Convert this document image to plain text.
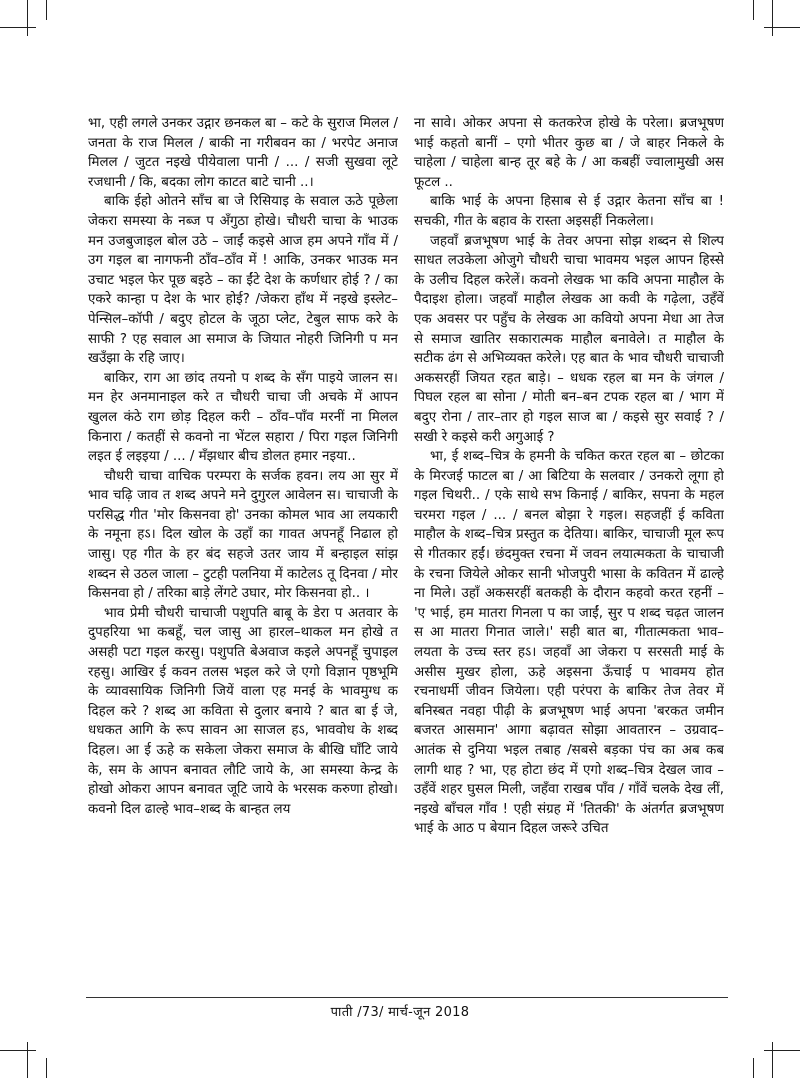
भा, एही लगले उनकर उद्गार छनकल बा – कटे के सुराज मिलल / जनता के राज मिलल / बाकी ना गरीबवन का / भरपेट अनाज मिलल / जुटत नइखे पीयेवाला पानी / ... / सजी सुखवा लूटे रजधानी / कि, बदका लोग काटत बाटे चानी ..।

बाकि ईहो ओतने साँच बा जे रिसियाइ के सवाल ऊठे पूछेला जेकरा समस्या के नब्ज प अँगुठा होखे। चौधरी चाचा के भाउक मन उजबुजाइल बोल उठे – जाईं कइसे आज हम अपने गाँव में / उग गइल बा नागफनी ठाँव–ठाँव में ! आकि, उनकर भाउक मन उचाट भइल फेर पूछ बइठे – का ईंटे देश के कर्णधार होई ? / का एकरे कान्हा प देश के भार होई? /जेकरा हाँथ में नइखे इस्लेट–पेन्सिल–कॉपी / बदुए होटल के जूठा प्लेट, टेबुल साफ करे के साफी ? एह सवाल आ समाज के जियात नोहरी जिनिगी प मन खउँझा के रहि जाए।

बाकिर, राग आ छांद तयनो प शब्द के सँग पाइये जालन स। मन हेर अनमानाइल करे त चौधरी चाचा जी अचके में आपन खुलल कंठे राग छोड़ दिहल करी – ठाँव–पाँव मरनीं ना मिलल किनारा / कतहीं से कवनो ना भेंटल सहारा / पिरा गइल जिनिगी लइत ई लइइया / ... / मँझधार बीच डोलत हमार नइया..

चौधरी चाचा वाचिक परम्परा के सर्जक हवन। लय आ सुर में भाव चढ़ि जाव त शब्द अपने मने दुगुरल आवेलन स। चाचाजी के परसिद्ध गीत 'मोर किसनवा हो' उनका कोमल भाव आ लयकारी के नमूना हऽ। दिल खोल के उहाँ का गावत अपनहूँ निढाल हो जासु। एह गीत के हर बंद सहजे उतर जाय में बन्हाइल सांझ शब्दन से उठल जाला – टुटही पलनिया में काटेलऽ तू दिनवा / मोर किसनवा हो / तरिका बाड़े लेंगटे उघार, मोर किसनवा हो.. ।

भाव प्रेमी चौधरी चाचाजी पशुपति बाबू के डेरा प अतवार के दुपहरिया भा कबहूँ, चल जासु आ हारल–थाकल मन होखे त असही पटा गइल करसु। पशुपति बेअवाज कइले अपनहूँ चुपाइल रहसु। आखिर ई कवन तलस भइल करे जे एगो विज्ञान पृष्ठभूमि के व्यावसायिक जिनिगी जियें वाला एह मनई के भावमुग्ध क दिहल करे ? शब्द आ कविता से दुलार बनाये ? बात बा ई जे, धधकत आगि के रूप सावन आ साजल हऽ, भाववोध के शब्द दिहल। आ ई ऊहे क सकेला जेकरा समाज के बीखि घाँटि जाये के, सम के आपन बनावत लौटि जाये के, आ समस्या केन्द्र के होखो ओकरा आपन बनावत जूटि जाये के भरसक करुणा होखो। कवनो दिल ढाल्हे भाव–शब्द के बान्हत लय

ना सावे। ओकर अपना से कतकरेज होखे के परेला। ब्रजभूषण भाई कहतो बानीं – एगो भीतर कुछ बा / जे बाहर निकले के चाहेला / चाहेला बान्ह तूर बहे के / आ कबहीं ज्वालामुखी अस फूटल ..

बाकि भाई के अपना हिसाब से ई उद्गार केतना साँच बा ! सचकी, गीत के बहाव के रास्ता अइसहीं निकलेला।

जहवाँ ब्रजभूषण भाई के तेवर अपना सोझ शब्दन से शिल्प साधत लउकेला ओजुगे चौधरी चाचा भावमय भइल आपन हिस्से के उलीच दिहल करेलें। कवनो लेखक भा कवि अपना माहौल के पैदाइश होला। जहवाँ माहौल लेखक आ कवी के गढ़ेला, उहँवें एक अवसर पर पहुँच के लेखक आ कवियो अपना मेधा आ तेज से समाज खातिर सकारात्मक माहौल बनावेले। त माहौल के सटीक ढंग से अभिव्यक्त करेले। एह बात के भाव चौधरी चाचाजी अकसरहीं जियत रहत बाड़े। – धधक रहल बा मन के जंगल / पिघल रहल बा सोना / मोती बन–बन टपक रहल बा / भाग में बदुए रोना / तार–तार हो गइल साज बा / कइसे सुर सवाई ? / सखी रे कइसे करी अगुआई ?

भा, ई शब्द–चित्र के हमनी के चकित करत रहल बा – छोटका के मिरजई फाटल बा / आ बिटिया के सलवार / उनकरो लूगा हो गइल चिथरी.. / एके साथे सभ किनाई / बाकिर, सपना के महल चरमरा गइल / ... / बनल बोझा रे गइल। सहजहीं ई कविता माहौल के शब्द–चित्र प्रस्तुत क देतिया। बाकिर, चाचाजी मूल रूप से गीतकार हईं। छंदमुक्त रचना में जवन लयात्मकता के चाचाजी के रचना जियेले ओकर सानी भोजपुरी भासा के कवितन में ढाल्हे ना मिले। उहाँ अकसरहीं बतकही के दौरान कहवो करत रहनीं – 'ए भाई, हम मातरा गिनला प का जाईं, सुर प शब्द चढ़त जालन स आ मातरा गिनात जाले।' सही बात बा, गीतात्मकता भाव–लयता के उच्च स्तर हऽ। जहवाँ आ जेकरा प सरसती माई के असीस मुखर होला, ऊहे अइसना ऊँचाई प भावमय होत रचनाधर्मी जीवन जियेला। एही परंपरा के बाकिर तेज तेवर में बनिस्बत नवहा पीढ़ी के ब्रजभूषण भाई अपना 'बरकत जमीन बजरत आसमान' आगा बढ़ावत सोझा आवतारन – उग्रवाद–आतंक से दुनिया भइल तबाह /सबसे बड़का पंच का अब कब लागी थाह ? भा, एह होटा छंद में एगो शब्द–चित्र देखल जाव – उहँवें शहर घुसल मिली, जहँवा राखब पाँव / गाँवें चलके देख लीं, नइखे बाँचल गाँव ! एही संग्रह में 'तितकी' के अंतर्गत ब्रजभूषण भाई के आठ प बेयान दिहल जरूरे उचित

पाती /73/ मार्च-जून 2018
